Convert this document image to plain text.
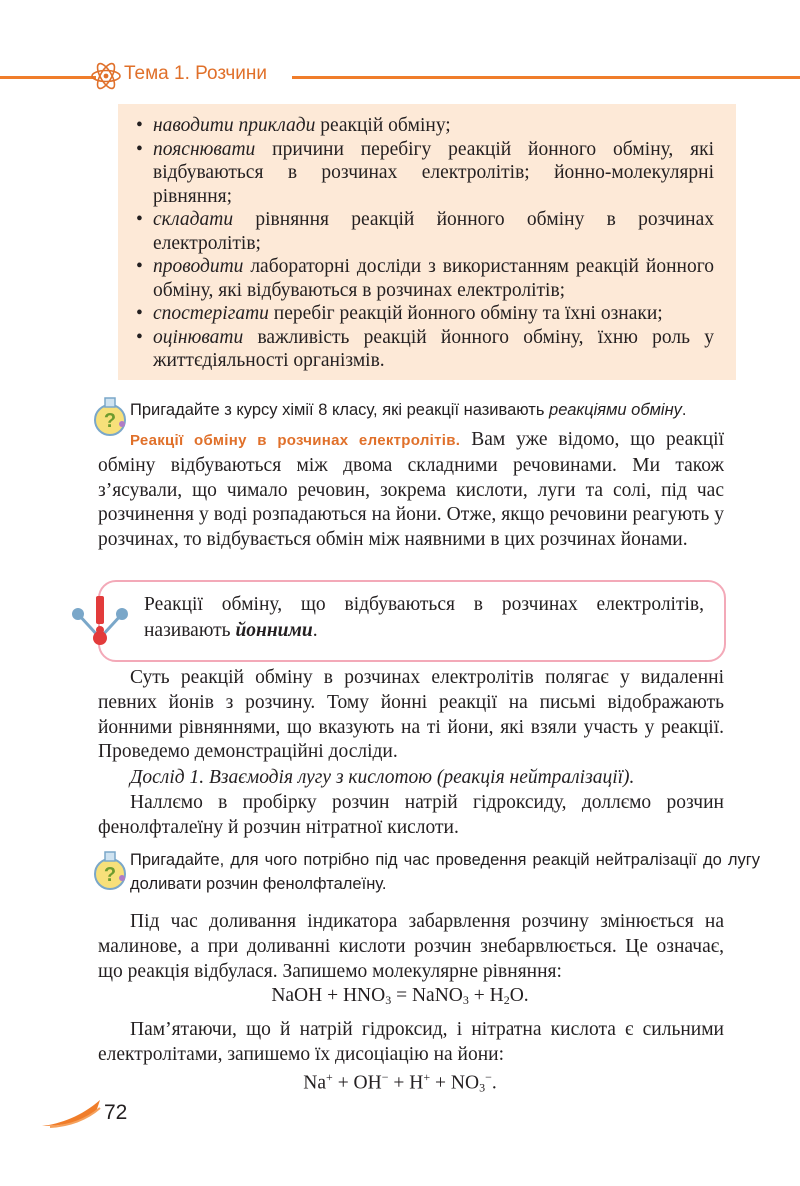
Тема 1. Розчини
• наводити приклади реакцій обміну;
• пояснювати причини перебігу реакцій йонного обміну, які відбуваються в розчинах електролітів; йонно-молекулярні рівняння;
• складати рівняння реакцій йонного обміну в розчинах електролітів;
• проводити лабораторні досліди з використанням реакцій йонного обміну, які відбуваються в розчинах електролітів;
• спостерігати перебіг реакцій йонного обміну та їхні ознаки;
• оцінювати важливість реакцій йонного обміну, їхню роль у життєдіяльності організмів.
? Пригадайте з курсу хімії 8 класу, які реакції називають реакціями обміну.
Реакції обміну в розчинах електролітів. Вам уже відомо, що реакції обміну відбуваються між двома складними речовинами. Ми також з’ясували, що чимало речовин, зокрема кислоти, луги та солі, під час розчинення у воді розпадаються на йони. Отже, якщо речовини реагують у розчинах, то відбувається обмін між наявними в цих розчинах йонами.
Реакції обміну, що відбуваються в розчинах електролітів, називають йонними.
Суть реакцій обміну в розчинах електролітів полягає у видаленні певних йонів з розчину. Тому йонні реакції на письмі відображають йонними рівняннями, що вказують на ті йони, які взяли участь у реакції. Проведемо демонстраційні досліди.
Дослід 1. Взаємодія лугу з кислотою (реакція нейтралізації).
Наллємо в пробірку розчин натрій гідроксиду, доллємо розчин фенолфталеїну й розчин нітратної кислоти.
?
Пригадайте, для чого потрібно під час проведення реакцій нейтралізації до лугу доливати розчин фенолфталеїну.
Під час доливання індикатора забарвлення розчину змінюється на малинове, а при доливанні кислоти розчин знебарвлюється. Це означає, що реакція відбулася. Запишемо молекулярне рівняння:
NaOH + $HNO_3$ = NaNO$_3$ + $H_2O$.
Пам’ятаючи, що й натрій гідроксид, і нітратна кислота є сильними електролітами, запишемо їх дисоціацію на йони:
$Na^+ + OH^- + H^+ + NO_3^-$.
72
